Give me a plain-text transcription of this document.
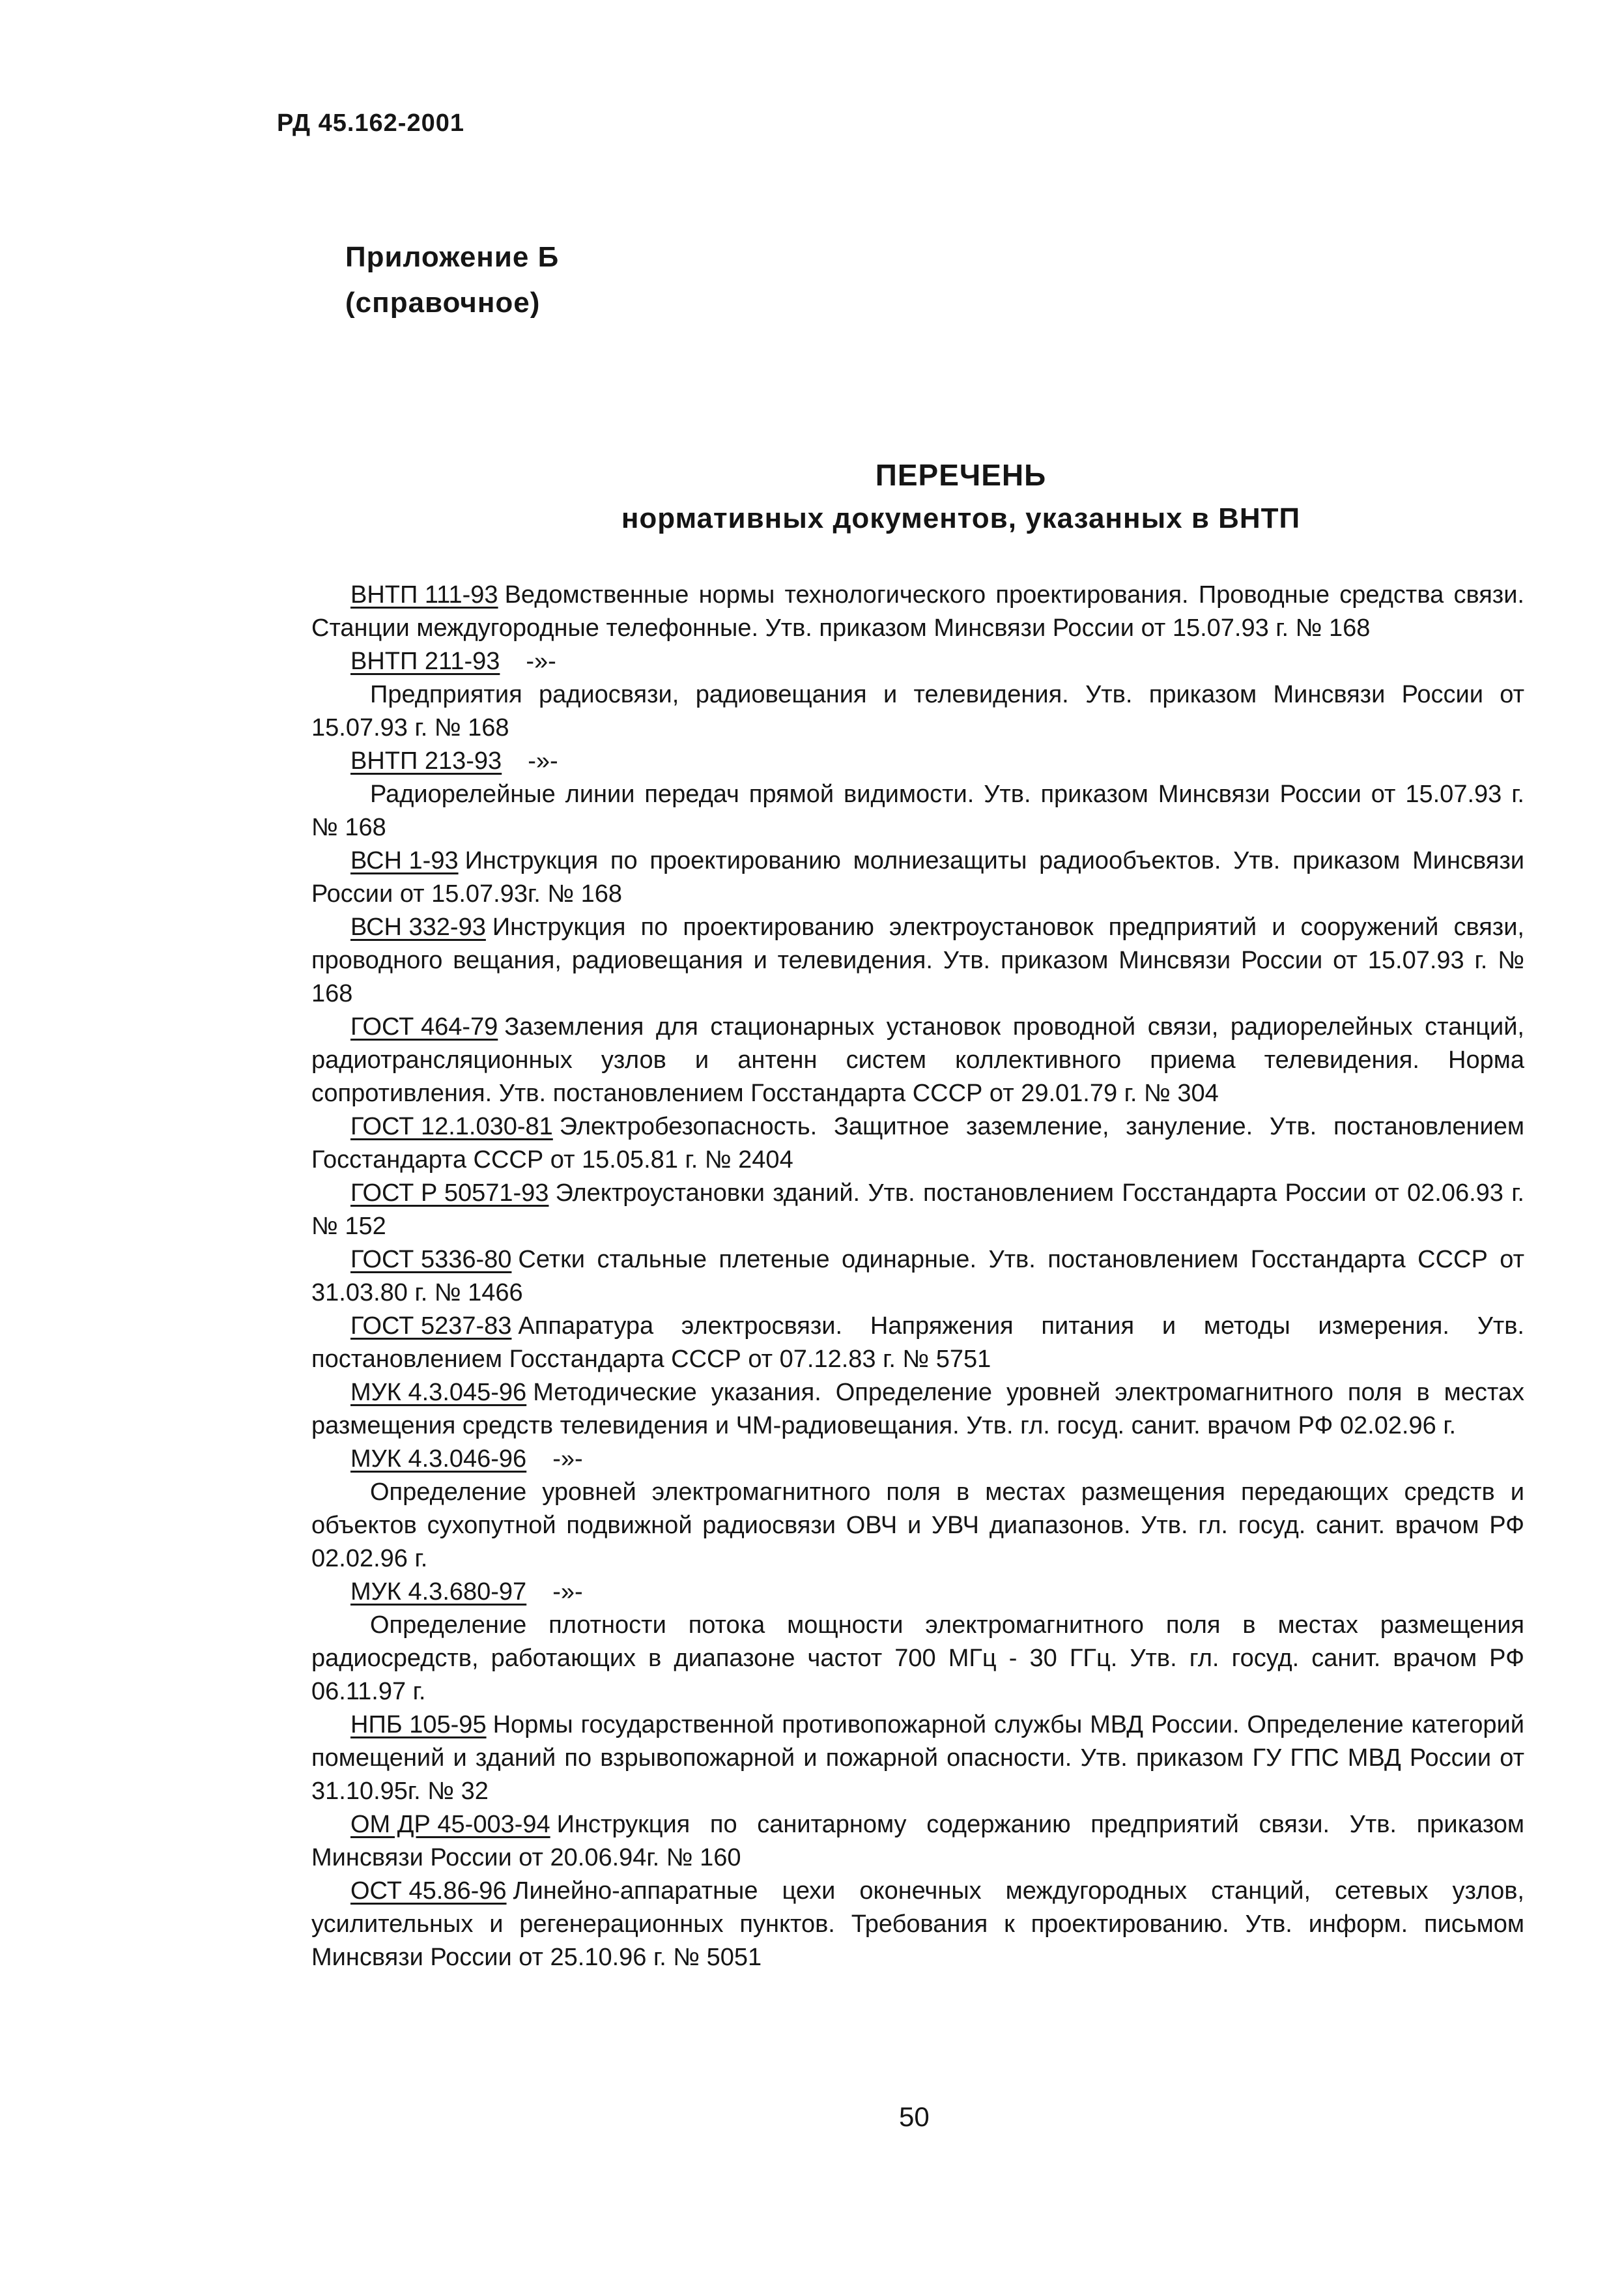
РД 45.162-2001
Приложение Б
(справочное)
ПЕРЕЧЕНЬ
нормативных документов, указанных в ВНТП

ВНТП 111-93 Ведомственные нормы технологического проектирования. Проводные средства связи. Станции междугородные телефонные. Утв. приказом Минсвязи России от 15.07.93 г. № 168

ВНТП 211-93 -»-

Предприятия радиосвязи, радиовещания и телевидения. Утв. приказом Минсвязи России от 15.07.93 г. № 168

ВНТП 213-93 -»-

Радиорелейные линии передач прямой видимости. Утв. приказом Минсвязи России от 15.07.93 г. № 168

ВСН 1-93 Инструкция по проектированию молниезащиты радиообъектов. Утв. приказом Минсвязи России от 15.07.93г. № 168

ВСН 332-93 Инструкция по проектированию электроустановок предприятий и сооружений связи, проводного вещания, радиовещания и телевидения. Утв. приказом Минсвязи России от 15.07.93 г. № 168

ГОСТ 464-79 Заземления для стационарных установок проводной связи, радиорелейных станций, радиотрансляционных узлов и антенн систем коллективного приема телевидения. Норма сопротивления. Утв. постановлением Госстандарта СССР от 29.01.79 г. № 304

ГОСТ 12.1.030-81 Электробезопасность. Защитное заземление, зануление. Утв. постановлением Госстандарта СССР от 15.05.81 г. № 2404

ГОСТ Р 50571-93 Электроустановки зданий. Утв. постановлением Госстандарта России от 02.06.93 г. № 152

ГОСТ 5336-80 Сетки стальные плетеные одинарные. Утв. постановлением Госстандарта СССР от 31.03.80 г. № 1466

ГОСТ 5237-83 Аппаратура электросвязи. Напряжения питания и методы измерения. Утв. постановлением Госстандарта СССР от 07.12.83 г. № 5751

МУК 4.3.045-96 Методические указания. Определение уровней электромагнитного поля в местах размещения средств телевидения и ЧМ-радиовещания. Утв. гл. госуд. санит. врачом РФ 02.02.96 г.

МУК 4.3.046-96 -»-

Определение уровней электромагнитного поля в местах размещения передающих средств и объектов сухопутной подвижной радиосвязи ОВЧ и УВЧ диапазонов. Утв. гл. госуд. санит. врачом РФ 02.02.96 г.

МУК 4.3.680-97 -»-

Определение плотности потока мощности электромагнитного поля в местах размещения радиосредств, работающих в диапазоне частот 700 МГц - 30 ГГц. Утв. гл. госуд. санит. врачом РФ 06.11.97 г.

НПБ 105-95 Нормы государственной противопожарной службы МВД России. Определение категорий помещений и зданий по взрывопожарной и пожарной опасности. Утв. приказом ГУ ГПС МВД России от 31.10.95г. № 32

ОМ ДР 45-003-94 Инструкция по санитарному содержанию предприятий связи. Утв. приказом Минсвязи России от 20.06.94г. № 160

ОСТ 45.86-96 Линейно-аппаратные цехи оконечных междугородных станций, сетевых узлов, усилительных и регенерационных пунктов. Требования к проектированию. Утв. информ. письмом Минсвязи России от 25.10.96 г. № 5051

50
